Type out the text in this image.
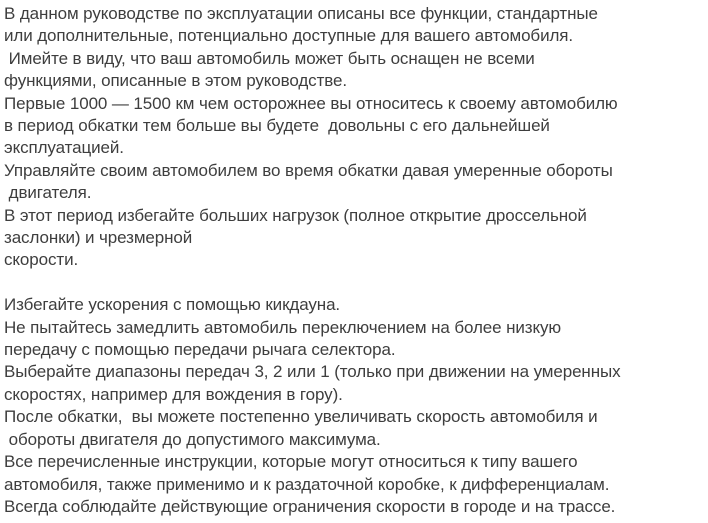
В данном руководстве по эксплуатации описаны все функции, стандартные
или дополнительные, потенциально доступные для вашего автомобиля.
Имейте в виду, что ваш автомобиль может быть оснащен не всеми
функциями, описанные в этом руководстве.
Первые 1000 — 1500 км чем осторожнее вы относитесь к своему автомобилю
в период обкатки тем больше вы будете  довольны с его дальнейшей
эксплуатацией.
Управляйте своим автомобилем во время обкатки давая умеренные обороты
двигателя.
В этот период избегайте больших нагрузок (полное открытие дроссельной
заслонки) и чрезмерной
скорости.
Избегайте ускорения с помощью кикдауна.
Не пытайтесь замедлить автомобиль переключением на более низкую
передачу с помощью передачи рычага селектора.
Выберайте диапазоны передач 3, 2 или 1 (только при движении на умеренных
скоростях, например для вождения в гору).
После обкатки,  вы можете постепенно увеличивать скорость автомобиля и
обороты двигателя до допустимого максимума.
Все перечисленные инструкции, которые могут относиться к типу вашего
автомобиля, также применимо и к раздаточной коробке, к дифференциалам.
Всегда соблюдайте действующие ограничения скорости в городе и на трассе.
